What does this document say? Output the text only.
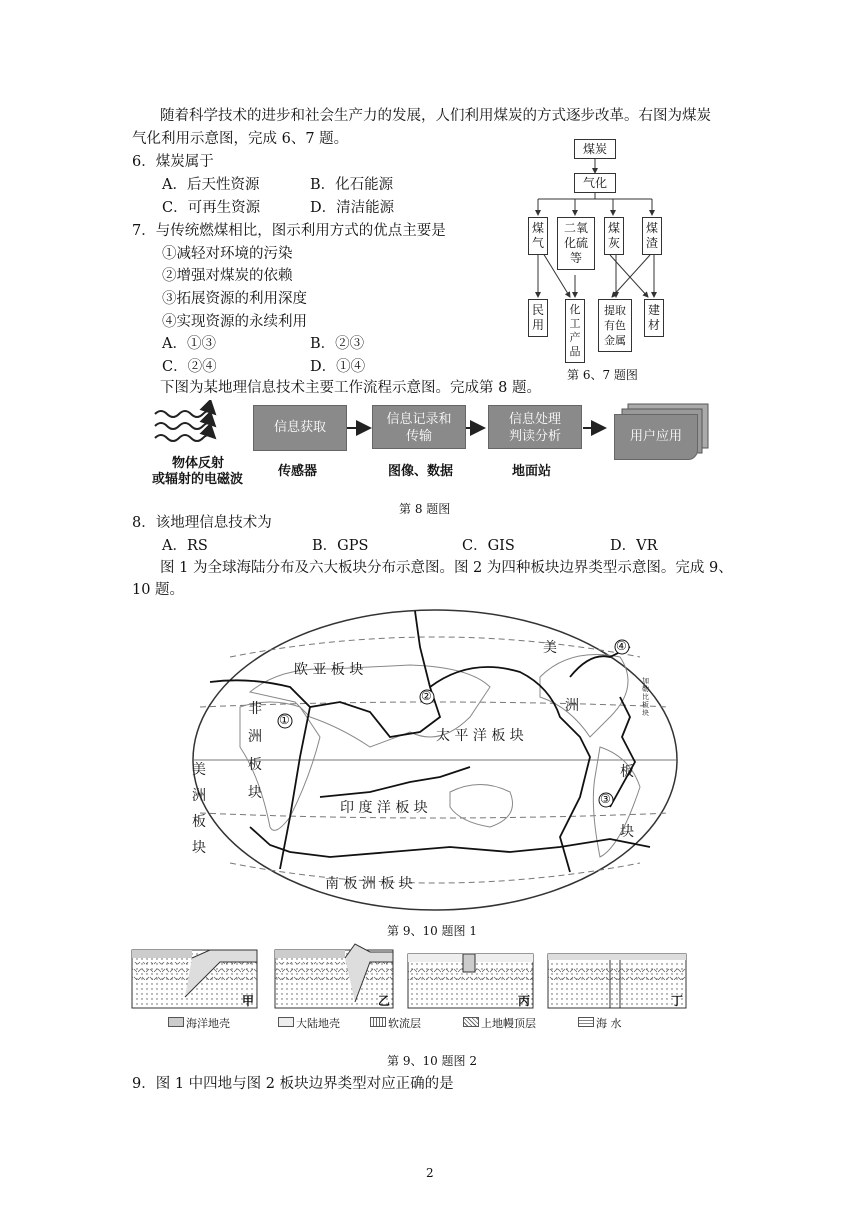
随着科学技术的进步和社会生产力的发展，人们利用煤炭的方式逐步改革。右图为煤炭
气化利用示意图，完成 6、7 题。
6．煤炭属于
A．后天性资源	B．化石能源
C．可再生资源	D．清洁能源
7．与传统燃煤相比，图示利用方式的优点主要是
①减轻对环境的污染
②增强对煤炭的依赖
③拓展资源的利用深度
④实现资源的永续利用
A．①③	B．②③
C．②④	D．①④
煤炭
气化
煤
气
二氧
化硫
等
煤
灰
煤
渣
民
用
化
工
产
品
提取
有色
金属
建
材
第 6、7 题图
下图为某地理信息技术主要工作流程示意图。完成第 8 题。
信息获取
信息记录和
传输
信息处理
判读分析	用户应用
物体反射
或辐射的电磁波
传感器	图像、数据	地面站
第 8 题图
8．该地理信息技术为
A．RS	B．GPS	C．GIS	D．VR
图 1 为全球海陆分布及六大板块分布示意图。图 2 为四种板块边界类型示意图。完成 9、
10 题。
欧 亚 板 块
太 平 洋 板 块
印 度 洋 板 块
南 板 洲 板 块
非
洲
板
块
美
洲
板
块
美
洲
板
块
加勒比板块
①
②
③
④
第 9、10 题图 1
甲	乙	丙	丁
海洋地壳	大陆地壳	软流层	上地幔顶层	海 水
第 9、10 题图 2
9．图 1 中四地与图 2 板块边界类型对应正确的是
2
